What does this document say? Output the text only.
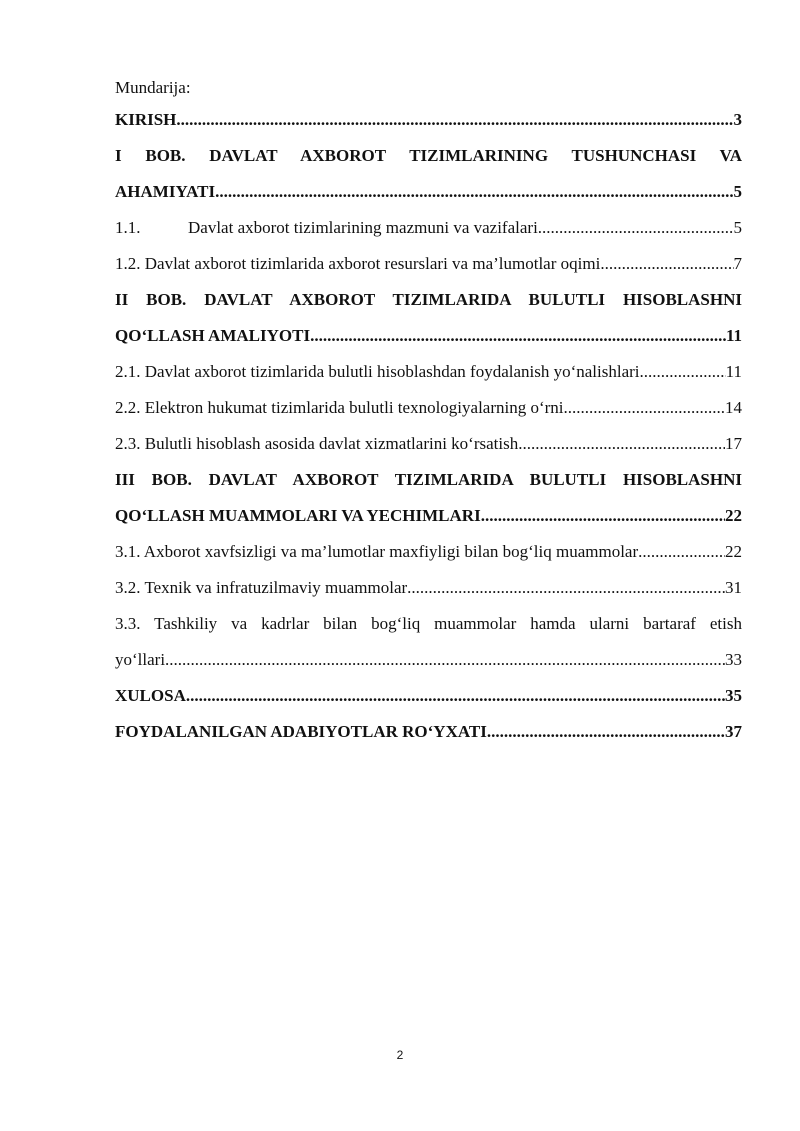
Mundarija:
KIRISH .....	3
I BOB. DAVLAT AXBOROT TIZIMLARINING TUSHUNCHASI VA
AHAMIYATI .....	5
1.1.	Davlat axborot tizimlarining mazmuni va vazifalari .....	5
1.2. Davlat axborot tizimlarida axborot resurslari va ma’lumotlar oqimi .....	7
II BOB. DAVLAT AXBOROT TIZIMLARIDA BULUTLI HISOBLASHNI
QO‘LLASH AMALIYOTI .....	11
2.1. Davlat axborot tizimlarida bulutli hisoblashdan foydalanish yo‘nalishlari .....	11
2.2. Elektron hukumat tizimlarida bulutli texnologiyalarning o‘rni .....	14
2.3. Bulutli hisoblash asosida davlat xizmatlarini ko‘rsatish .....	17
III BOB. DAVLAT AXBOROT TIZIMLARIDA BULUTLI HISOBLASHNI
QO‘LLASH MUAMMOLARI VA YECHIMLARI .....	22
3.1. Axborot xavfsizligi va ma’lumotlar maxfiyligi bilan bog‘liq muammolar .....	22
3.2. Texnik va infratuzilmaviy muammolar .....	31
3.3. Tashkiliy va kadrlar bilan bog‘liq muammolar hamda ularni bartaraf etish
yo‘llari .....	33
XULOSA .....	35
FOYDALANILGAN ADABIYOTLAR RO‘YXATI .....	37
2
